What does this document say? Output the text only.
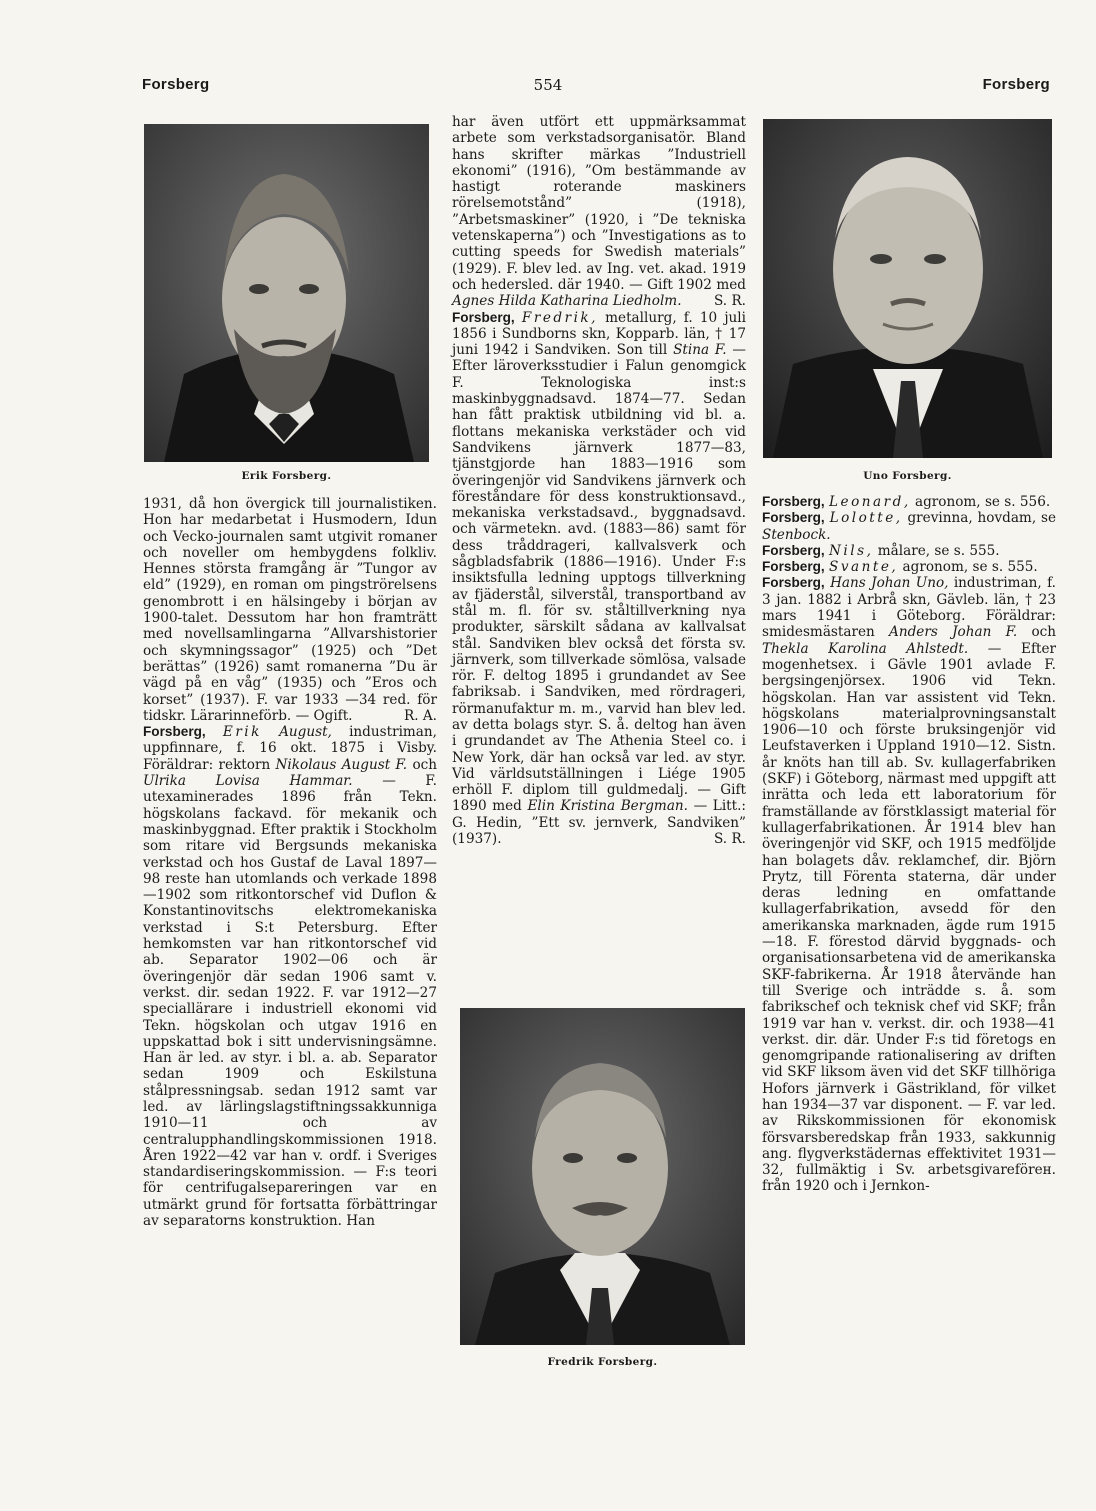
Forsberg	554	Forsberg
Erik Forsberg.	Uno Forsberg.
Fredrik Forsberg.

1931, då hon övergick till journalistiken. Hon har medarbetat i Husmodern, Idun och Vecko-journalen samt utgivit romaner och noveller om hembygdens folkliv. Hennes största framgång är ”Tungor av eld” (1929), en roman om pingströrelsens genombrott i en hälsingeby i början av 1900-talet. Dessutom har hon framträtt med novellsamlingarna ”Allvarshistorier och skymningssagor” (1925) och ”Det berättas” (1926) samt romanerna ”Du är vägd på en våg” (1935) och ”Eros och korset” (1937). F. var 1933 —34 red. för tidskr. Lärarinneförb. — Ogift.	R. A.

Forsberg, Erik August, industriman, uppfinnare, f. 16 okt. 1875 i Visby. Föräldrar: rektorn Nikolaus August F. och Ulrika Lovisa Hammar. — F. utexaminerades 1896 från Tekn. högskolans fackavd. för mekanik och maskinbyggnad. Efter praktik i Stockholm som ritare vid Bergsunds mekaniska verkstad och hos Gustaf de Laval 1897—98 reste han utomlands och verkade 1898—1902 som ritkontorschef vid Duflon & Konstantinovitschs elektromekaniska verkstad i S:t Petersburg. Efter hemkomsten var han ritkontorschef vid ab. Separator 1902—06 och är överingenjör där sedan 1906 samt v. verkst. dir. sedan 1922. F. var 1912—27 speciallärare i industriell ekonomi vid Tekn. högskolan och utgav 1916 en uppskattad bok i sitt undervisningsämne. Han är led. av styr. i bl. a. ab. Separator sedan 1909 och Eskilstuna stålpressningsab. sedan 1912 samt var led. av lärlingslagstiftningssakkunniga 1910—11 och av centralupphandlingskommissionen 1918. Åren 1922—42 var han v. ordf. i Sveriges standardiseringskommission. — F:s teori för centrifugalsepareringen var en utmärkt grund för fortsatta förbättringar av separatorns konstruktion. Han

har även utfört ett uppmärksammat arbete som verkstadsorganisatör. Bland hans skrifter märkas ”Industriell ekonomi” (1916), ”Om bestämmande av hastigt roterande maskiners rörelsemotstånd” (1918), ”Arbetsmaskiner” (1920, i ”De tekniska vetenskaperna”) och ”Investigations as to cutting speeds for Swedish materials” (1929). F. blev led. av Ing. vet. akad. 1919 och hedersled. där 1940. — Gift 1902 med Agnes Hilda Katharina Liedholm. S. R.

Forsberg, Fredrik, metallurg, f. 10 juli 1856 i Sundborns skn, Kopparb. län, † 17 juni 1942 i Sandviken. Son till Stina F. — Efter läroverksstudier i Falun genomgick F. Teknologiska inst:s maskinbyggnadsavd. 1874—77. Sedan han fått praktisk utbildning vid bl. a. flottans mekaniska verkstäder och vid Sandvikens järnverk 1877—83, tjänstgjorde han 1883—1916 som överingenjör vid Sandvikens järnverk och föreståndare för dess konstruktionsavd., mekaniska verkstadsavd., byggnadsavd. och värmetekn. avd. (1883—86) samt för dess tråddrageri, kallvalsverk och sågbladsfabrik (1886—1916). Under F:s insiktsfulla ledning upptogs tillverkning av fjäderstål, silverstål, transportband av stål m. fl. för sv. ståltillverkning nya produkter, särskilt sådana av kallvalsat stål. Sandviken blev också det första sv. järnverk, som tillverkade sömlösa, valsade rör. F. deltog 1895 i grundandet av See fabriksab. i Sandviken, med rördrageri, rörmanufaktur m. m., varvid han blev led. av detta bolags styr. S. å. deltog han även i grundandet av The Athenia Steel co. i New York, där han också var led. av styr. Vid världsutställningen i Liége 1905 erhöll F. diplom till guldmedalj. — Gift 1890 med Elin Kristina Bergman. — Litt.: G. Hedin, ”Ett sv. jernverk, Sandviken” (1937).	S. R.

Forsberg, Leonard, agronom, se s. 556.

Forsberg, Lolotte, grevinna, hovdam, se Stenbock.

Forsberg, Nils, målare, se s. 555.

Forsberg, Svante, agronom, se s. 555.

Forsberg, Hans Johan Uno, industriman, f. 3 jan. 1882 i Arbrå skn, Gävleb. län, † 23 mars 1941 i Göteborg. Föräldrar: smidesmästaren Anders Johan F. och Thekla Karolina Ahlstedt. — Efter mogenhetsex. i Gävle 1901 avlade F. bergsingenjörsex. 1906 vid Tekn. högskolan. Han var assistent vid Tekn. högskolans materialprovningsanstalt 1906—10 och förste bruksingenjör vid Leufstaverken i Uppland 1910—12. Sistn. år knöts han till ab. Sv. kullagerfabriken (SKF) i Göteborg, närmast med uppgift att inrätta och leda ett laboratorium för framställande av förstklassigt material för kullagerfabrikationen. År 1914 blev han överingenjör vid SKF, och 1915 medföljde han bolagets dåv. reklamchef, dir. Björn Prytz, till Förenta staterna, där under deras ledning en omfattande kullagerfabrikation, avsedd för den amerikanska marknaden, ägde rum 1915—18. F. förestod därvid byggnads- och organisationsarbetena vid de amerikanska SKF-fabrikerna. År 1918 återvände han till Sverige och inträdde s. å. som fabrikschef och teknisk chef vid SKF; från 1919 var han v. verkst. dir. och 1938—41 verkst. dir. där. Under F:s tid företogs en genomgripande rationalisering av driften vid SKF liksom även vid det SKF tillhöriga Hofors järnverk i Gästrikland, för vilket han 1934—37 var disponent. — F. var led. av Rikskommissionen för ekonomisk försvarsberedskap från 1933, sakkunnig ang. flygverkstädernas effektivitet 1931—32, fullmäktig i Sv. arbetsgivareförен. från 1920 och i Jernkon-
